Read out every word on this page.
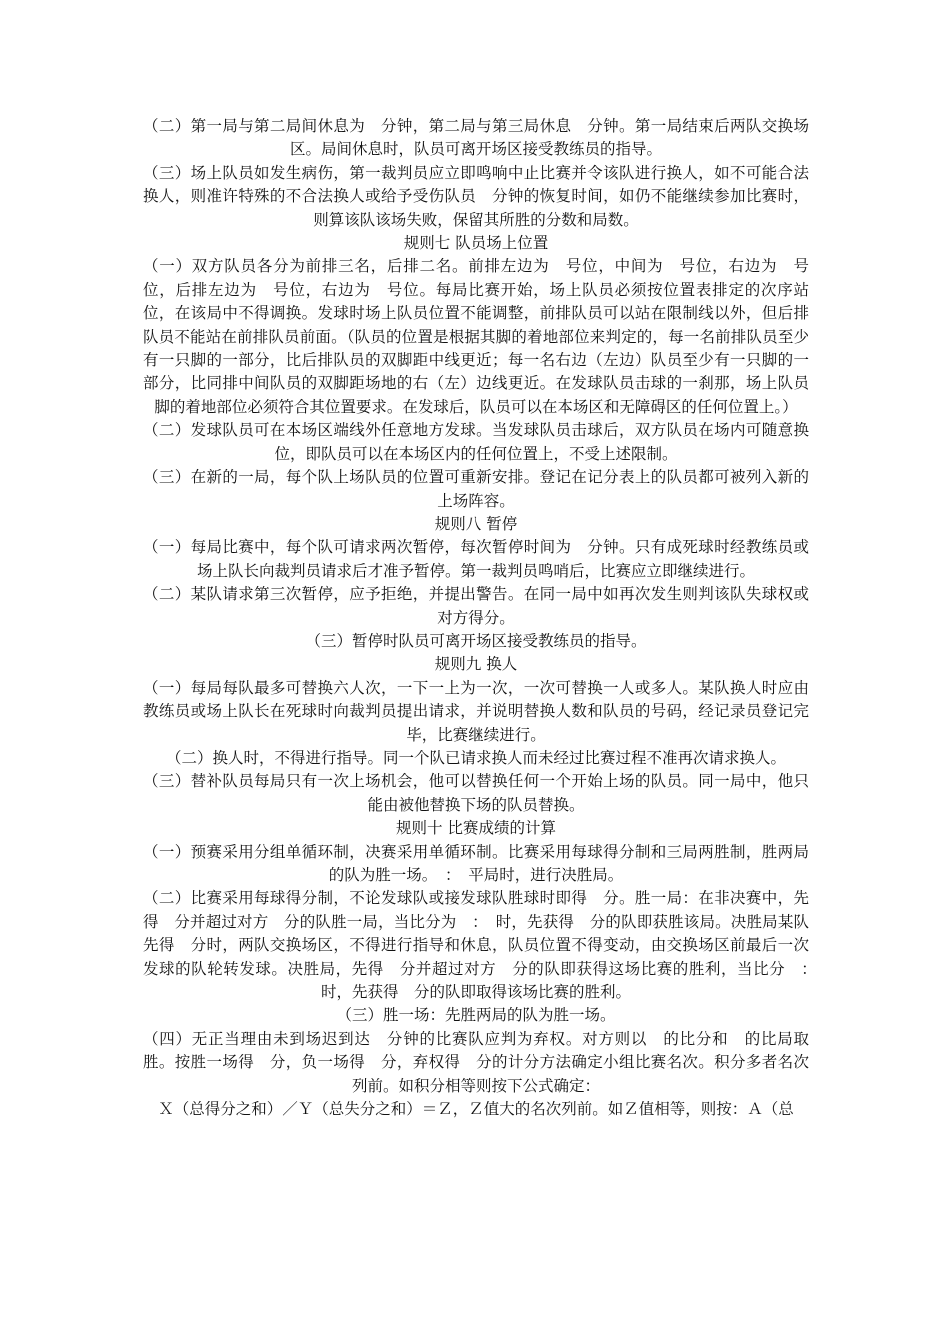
（二）第一局与第二局间休息为　分钟，第二局与第三局休息　分钟。第一局结束后两队交换场区。局间休息时，队员可离开场区接受教练员的指导。

（三）场上队员如发生病伤，第一裁判员应立即鸣响中止比赛并令该队进行换人，如不可能合法换人，则准许特殊的不合法换人或给予受伤队员　分钟的恢复时间，如仍不能继续参加比赛时，则算该队该场失败，保留其所胜的分数和局数。

规则七 队员场上位置

（一）双方队员各分为前排三名，后排二名。前排左边为　号位，中间为　号位，右边为　号位，后排左边为　号位，右边为　号位。每局比赛开始，场上队员必须按位置表排定的次序站位，在该局中不得调换。发球时场上队员位置不能调整，前排队员可以站在限制线以外，但后排队员不能站在前排队员前面。（队员的位置是根据其脚的着地部位来判定的，每一名前排队员至少有一只脚的一部分，比后排队员的双脚距中线更近；每一名右边（左边）队员至少有一只脚的一部分，比同排中间队员的双脚距场地的右（左）边线更近。在发球队员击球的一刹那，场上队员脚的着地部位必须符合其位置要求。在发球后，队员可以在本场区和无障碍区的任何位置上。）

（二）发球队员可在本场区端线外任意地方发球。当发球队员击球后，双方队员在场内可随意换位，即队员可以在本场区内的任何位置上，不受上述限制。

（三）在新的一局，每个队上场队员的位置可重新安排。登记在记分表上的队员都可被列入新的上场阵容。

规则八 暂停

（一）每局比赛中，每个队可请求两次暂停，每次暂停时间为　分钟。只有成死球时经教练员或场上队长向裁判员请求后才准予暂停。第一裁判员鸣哨后，比赛应立即继续进行。

（二）某队请求第三次暂停，应予拒绝，并提出警告。在同一局中如再次发生则判该队失球权或对方得分。

（三）暂停时队员可离开场区接受教练员的指导。

规则九 换人

（一）每局每队最多可替换六人次，一下一上为一次，一次可替换一人或多人。某队换人时应由教练员或场上队长在死球时向裁判员提出请求，并说明替换人数和队员的号码，经记录员登记完毕，比赛继续进行。

（二）换人时，不得进行指导。同一个队已请求换人而未经过比赛过程不准再次请求换人。

（三）替补队员每局只有一次上场机会，他可以替换任何一个开始上场的队员。同一局中，他只能由被他替换下场的队员替换。

规则十 比赛成绩的计算

（一）预赛采用分组单循环制，决赛采用单循环制。比赛采用每球得分制和三局两胜制，胜两局的队为胜一场。　：　平局时，进行决胜局。

（二）比赛采用每球得分制，不论发球队或接发球队胜球时即得　分。胜一局：在非决赛中，先得　分并超过对方　分的队胜一局，当比分为　：　时，先获得　分的队即获胜该局。决胜局某队先得　分时，两队交换场区，不得进行指导和休息，队员位置不得变动，由交换场区前最后一次发球的队轮转发球。决胜局，先得　分并超过对方　分的队即获得这场比赛的胜利，当比分　：　时，先获得　分的队即取得该场比赛的胜利。

（三）胜一场：先胜两局的队为胜一场。

（四）无正当理由未到场迟到达　分钟的比赛队应判为弃权。对方则以　的比分和　的比局取胜。按胜一场得　分，负一场得　分，弃权得　分的计分方法确定小组比赛名次。积分多者名次列前。如积分相等则按下公式确定：

Ｘ（总得分之和）／Ｙ（总失分之和）＝Ｚ，Ｚ值大的名次列前。如Ｚ值相等，则按：Ａ（总
